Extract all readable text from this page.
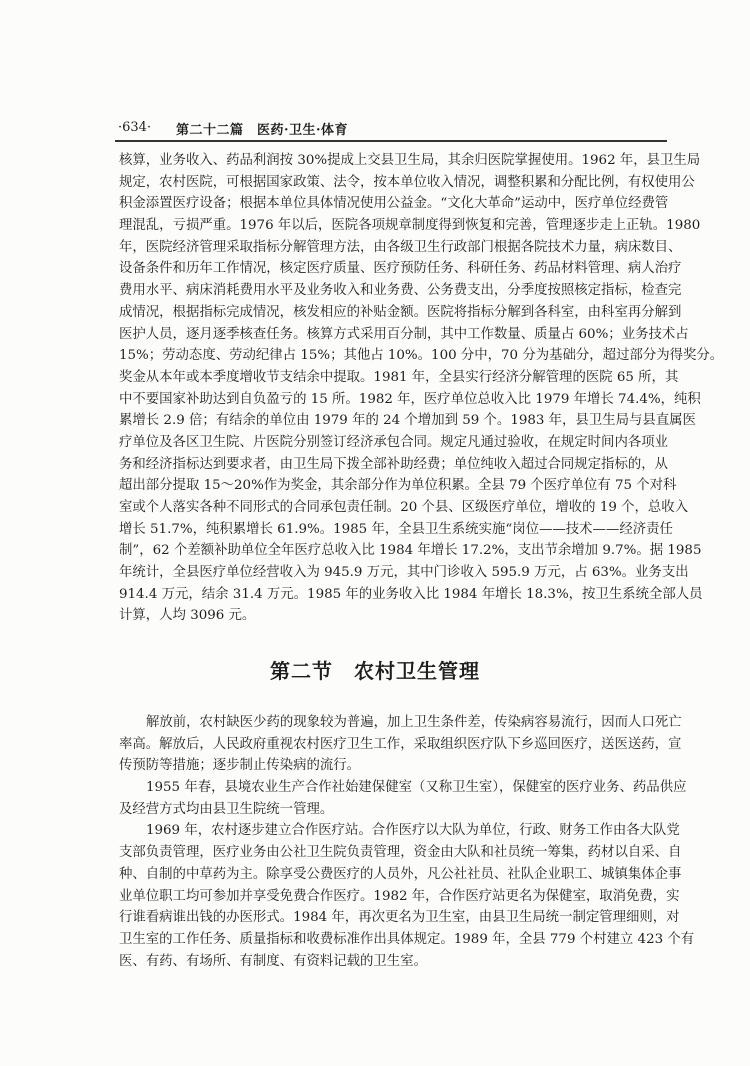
·634· 第二十二篇　医药·卫生·体育
核算，业务收入、药品利润按 30%提成上交县卫生局，其余归医院掌握使用。1962 年，县卫生局
规定，农村医院，可根据国家政策、法令，按本单位收入情况，调整积累和分配比例，有权使用公
积金添置医疗设备；根据本单位具体情况使用公益金。“文化大革命”运动中，医疗单位经费管
理混乱，亏损严重。1976 年以后，医院各项规章制度得到恢复和完善，管理逐步走上正轨。1980
年，医院经济管理采取指标分解管理方法，由各级卫生行政部门根据各院技术力量，病床数目、
设备条件和历年工作情况，核定医疗质量、医疗预防任务、科研任务、药品材料管理、病人治疗
费用水平、病床消耗费用水平及业务收入和业务费、公务费支出，分季度按照核定指标，检查完
成情况，根据指标完成情况，核发相应的补贴金额。医院将指标分解到各科室，由科室再分解到
医护人员，逐月逐季核查任务。核算方式采用百分制，其中工作数量、质量占 60%；业务技术占
15%；劳动态度、劳动纪律占 15%；其他占 10%。100 分中，70 分为基础分，超过部分为得奖分。
奖金从本年或本季度增收节支结余中提取。1981 年，全县实行经济分解管理的医院 65 所，其
中不要国家补助达到自负盈亏的 15 所。1982 年，医疗单位总收入比 1979 年增长 74.4%，纯积
累增长 2.9 倍；有结余的单位由 1979 年的 24 个增加到 59 个。1983 年，县卫生局与县直属医
疗单位及各区卫生院、片医院分别签订经济承包合同。规定凡通过验收，在规定时间内各项业
务和经济指标达到要求者，由卫生局下拨全部补助经费；单位纯收入超过合同规定指标的，从
超出部分提取 15～20%作为奖金，其余部分作为单位积累。全县 79 个医疗单位有 75 个对科
室或个人落实各种不同形式的合同承包责任制。20 个县、区级医疗单位，增收的 19 个，总收入
增长 51.7%，纯积累增长 61.9%。1985 年，全县卫生系统实施“岗位——技术——经济责任
制”，62 个差额补助单位全年医疗总收入比 1984 年增长 17.2%，支出节余增加 9.7%。据 1985
年统计，全县医疗单位经营收入为 945.9 万元，其中门诊收入 595.9 万元，占 63%。业务支出
914.4 万元，结余 31.4 万元。1985 年的业务收入比 1984 年增长 18.3%，按卫生系统全部人员
计算，人均 3096 元。
第二节　农村卫生管理
解放前，农村缺医少药的现象较为普遍，加上卫生条件差，传染病容易流行，因而人口死亡
率高。解放后，人民政府重视农村医疗卫生工作，采取组织医疗队下乡巡回医疗，送医送药，宣
传预防等措施；逐步制止传染病的流行。
1955 年春，县境农业生产合作社始建保健室（又称卫生室），保健室的医疗业务、药品供应
及经营方式均由县卫生院统一管理。
1969 年，农村逐步建立合作医疗站。合作医疗以大队为单位，行政、财务工作由各大队党
支部负责管理，医疗业务由公社卫生院负责管理，资金由大队和社员统一筹集，药材以自采、自
种、自制的中草药为主。除享受公费医疗的人员外，凡公社社员、社队企业职工、城镇集体企事
业单位职工均可参加并享受免费合作医疗。1982 年，合作医疗站更名为保健室，取消免费，实
行谁看病谁出钱的办医形式。1984 年，再次更名为卫生室，由县卫生局统一制定管理细则，对
卫生室的工作任务、质量指标和收费标准作出具体规定。1989 年，全县 779 个村建立 423 个有
医、有药、有场所、有制度、有资料记载的卫生室。
